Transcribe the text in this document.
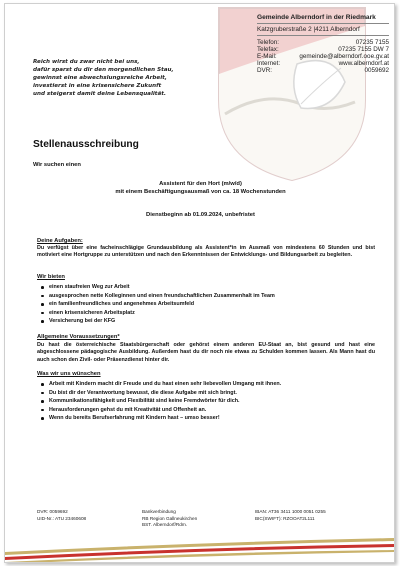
Gemeinde Alberndorf in der Riedmark
Katzgruberstraße 2 |4211 Alberndorf
Telefon:	07235 7155
Telefax:	07235 7155 DW 7
E-Mail:	gemeinde@alberndorf.ooe.gv.at
Internet:	www.alberndorf.at
DVR:	0059692
Reich wirst du zwar nicht bei uns,
dafür sparst du dir den morgendlichen Stau,
gewinnst eine abwechslungsreiche Arbeit,
investierst in eine krisensichere Zukunft
und steigerst damit deine Lebensqualität.
Stellenausschreibung
Wir suchen einen
Assistent für den Hort (m/w/d)
mit einem Beschäftigungsausmaß von ca. 18 Wochenstunden
Dienstbeginn ab 01.09.2024, unbefristet
Deine Aufgaben:
Du verfügst über eine facheinschlägige Grundausbildung als Assistent*in im Ausmaß von mindestens 60 Stunden und bist motiviert eine Hortgruppe zu unterstützen und nach den Erkenntnissen der Entwicklungs- und Bildungsarbeit zu begleiten.
Wir bieten
einen staufreien Weg zur Arbeit
ausgesprochen nette Kolleginnen und einen freundschaftlichen Zusammenhalt im Team
ein familienfreundliches und angenehmes Arbeitsumfeld
einen krisensicheren Arbeitsplatz
Versicherung bei der KFG
Allgemeine Voraussetzungen*
Du hast die österreichische Staatsbürgerschaft oder gehörst einem anderen EU-Staat an, bist gesund und hast eine abgeschlossene pädagogische Ausbildung. Außerdem hast du dir noch nie etwas zu Schulden kommen lassen. Als Mann hast du auch schon den Zivil- oder Präsenzdienst hinter dir.
Was wir uns wünschen
Arbeit mit Kindern macht dir Freude und du hast einen sehr liebevollen Umgang mit ihnen.
Du bist dir der Verantwortung bewusst, die diese Aufgabe mit sich bringt.
Kommunikationsfähigkeit und Flexibilität sind keine Fremdwörter für dich.
Herausforderungen gehst du mit Kreativität und Offenheit an.
Wenn du bereits Berufserfahrung mit Kindern hast – umso besser!
DVR: 0059692
UID-Nr.: ATU 23460608
Bankverbindung
RB Region Gallneukirchen
BST. Alberndorf/Rdm.
IBAN: AT36 3411 1000 0051 0255
BIC(SWIFT): RZOOAT2L111
